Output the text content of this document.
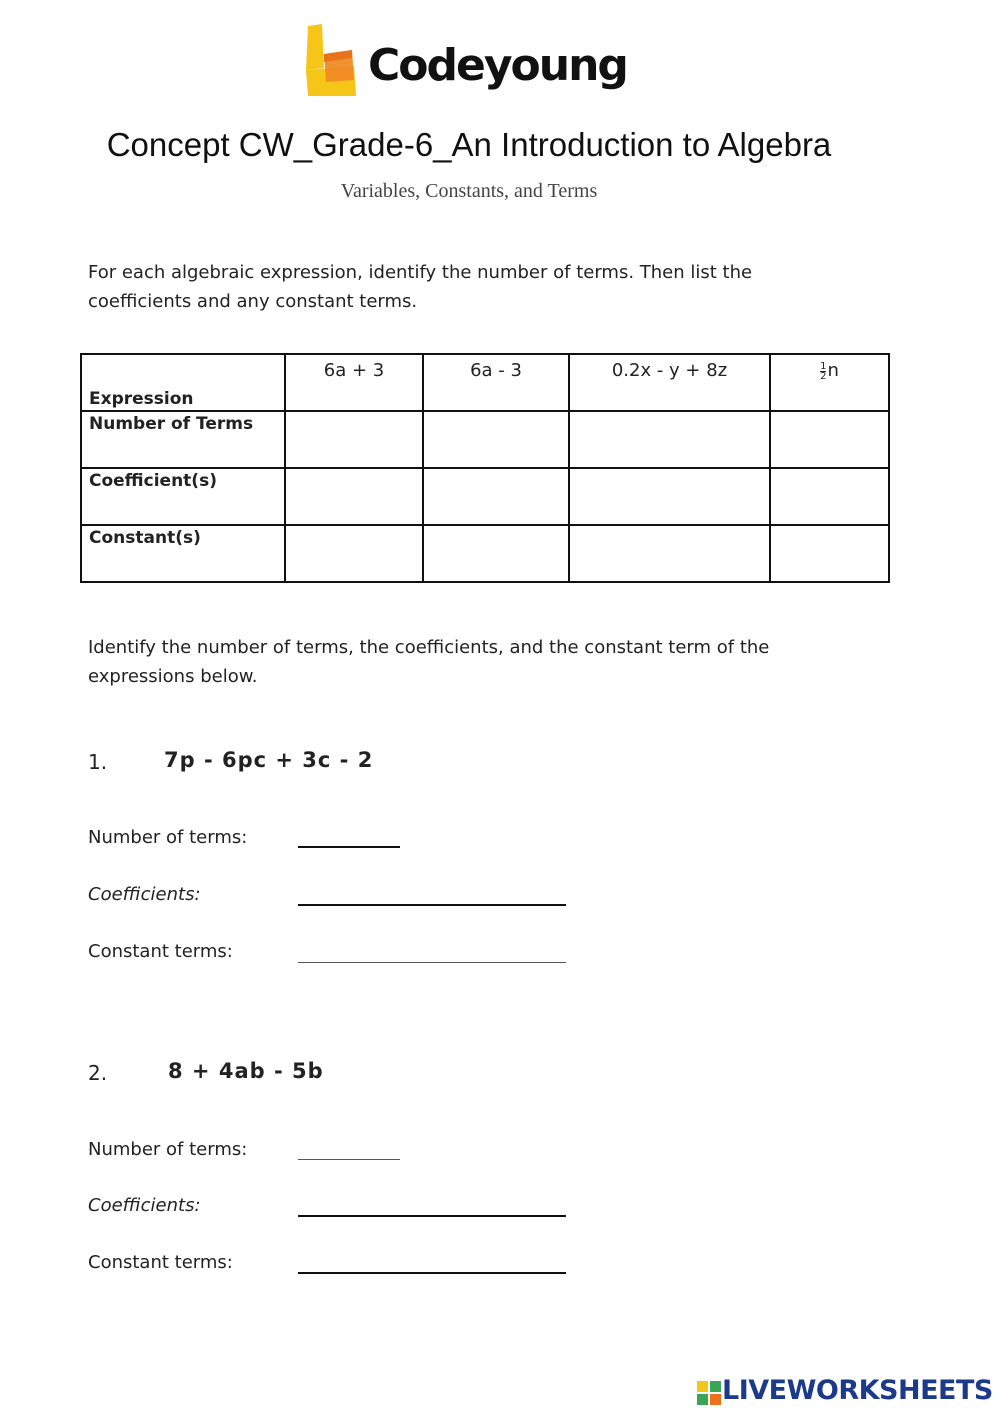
Codeyoung
Concept CW_Grade-6_An Introduction to Algebra
Variables, Constants, and Terms
For each algebraic expression, identify the number of terms. Then list the coefficients and any constant terms.
Expression	6a + 3	6a - 3	0.2x - y + 8z	$\frac{1}{2}$ n
Number of Terms				
Coefficient(s)				
Constant(s)				
Identify the number of terms, the coefficients, and the constant term of the expressions below.
1.	7p - 6pc + 3c - 2
Number of terms:
Coefficients:
Constant terms:
2.	8 + 4ab - 5b
Number of terms:
Coefficients:
Constant terms:
LIVEWORKSHEETS
